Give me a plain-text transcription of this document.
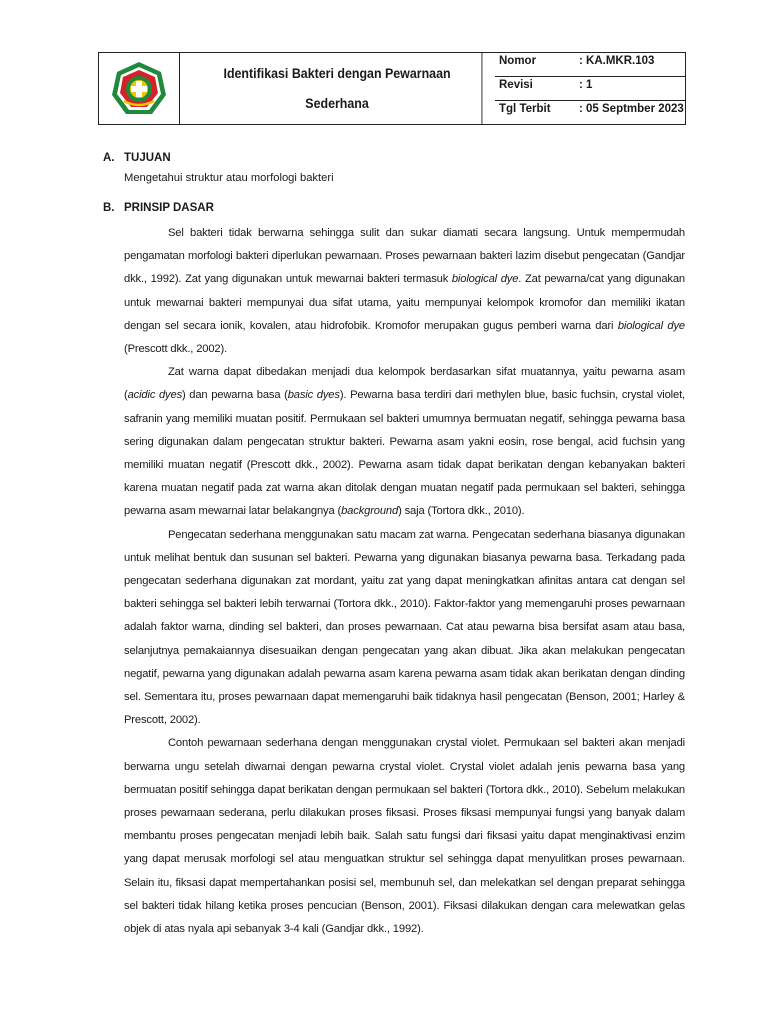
Identifikasi Bakteri dengan Pewarnaan
Sederhana
Nomor	: KA.MKR.103
Revisi	: 1
Tgl Terbit	: 05 Septmber 2023
A. TUJUAN
Mengetahui struktur atau morfologi bakteri
B. PRINSIP DASAR

Sel bakteri tidak berwarna sehingga sulit dan sukar diamati secara langsung. Untuk mempermudah pengamatan morfologi bakteri diperlukan pewarnaan. Proses pewarnaan bakteri lazim disebut pengecatan (Gandjar dkk., 1992). Zat yang digunakan untuk mewarnai bakteri termasuk biological dye. Zat pewarna/cat yang digunakan untuk mewarnai bakteri mempunyai dua sifat utama, yaitu mempunyai kelompok kromofor dan memiliki ikatan dengan sel secara ionik, kovalen, atau hidrofobik. Kromofor merupakan gugus pemberi warna dari biological dye (Prescott dkk., 2002).

Zat warna dapat dibedakan menjadi dua kelompok berdasarkan sifat muatannya, yaitu pewarna asam (acidic dyes) dan pewarna basa (basic dyes). Pewarna basa terdiri dari methylen blue, basic fuchsin, crystal violet, safranin yang memiliki muatan positif. Permukaan sel bakteri umumnya bermuatan negatif, sehingga pewarna basa sering digunakan dalam pengecatan struktur bakteri. Pewarna asam yakni eosin, rose bengal, acid fuchsin yang memiliki muatan negatif (Prescott dkk., 2002). Pewarna asam tidak dapat berikatan dengan kebanyakan bakteri karena muatan negatif pada zat warna akan ditolak dengan muatan negatif pada permukaan sel bakteri, sehingga pewarna asam mewarnai latar belakangnya (background) saja (Tortora dkk., 2010).

Pengecatan sederhana menggunakan satu macam zat warna. Pengecatan sederhana biasanya digunakan untuk melihat bentuk dan susunan sel bakteri. Pewarna yang digunakan biasanya pewarna basa. Terkadang pada pengecatan sederhana digunakan zat mordant, yaitu zat yang dapat meningkatkan afinitas antara cat dengan sel bakteri sehingga sel bakteri lebih terwarnai (Tortora dkk., 2010). Faktor-faktor yang memengaruhi proses pewarnaan adalah faktor warna, dinding sel bakteri, dan proses pewarnaan. Cat atau pewarna bisa bersifat asam atau basa, selanjutnya pemakaiannya disesuaikan dengan pengecatan yang akan dibuat. Jika akan melakukan pengecatan negatif, pewarna yang digunakan adalah pewarna asam karena pewarna asam tidak akan berikatan dengan dinding sel. Sementara itu, proses pewarnaan dapat memengaruhi baik tidaknya hasil pengecatan (Benson, 2001; Harley & Prescott, 2002).

Contoh pewarnaan sederhana dengan menggunakan crystal violet. Permukaan sel bakteri akan menjadi berwarna ungu setelah diwarnai dengan pewarna crystal violet. Crystal violet adalah jenis pewarna basa yang bermuatan positif sehingga dapat berikatan dengan permukaan sel bakteri (Tortora dkk., 2010). Sebelum melakukan proses pewarnaan sederana, perlu dilakukan proses fiksasi. Proses fiksasi mempunyai fungsi yang banyak dalam membantu proses pengecatan menjadi lebih baik. Salah satu fungsi dari fiksasi yaitu dapat menginaktivasi enzim yang dapat merusak morfologi sel atau menguatkan struktur sel sehingga dapat menyulitkan proses pewarnaan. Selain itu, fiksasi dapat mempertahankan posisi sel, membunuh sel, dan melekatkan sel dengan preparat sehingga sel bakteri tidak hilang ketika proses pencucian (Benson, 2001). Fiksasi dilakukan dengan cara melewatkan gelas objek di atas nyala api sebanyak 3-4 kali (Gandjar dkk., 1992).
